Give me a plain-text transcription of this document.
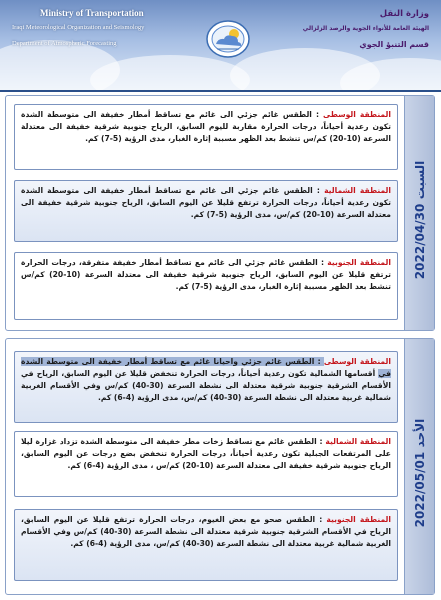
Ministry of Transportation
Iraqi Meteorological Organization and Seismology
Department of Atmospheric Forecasting
وزارة النقل
الهيئة العامة للأنواء الجوية والرصد الزلزالي
قسم التنبؤ الجوي
المنطقة الوسطى : الطقس غائم جزئي الى غائم مع تساقط أمطار خفيفة الى متوسطة الشدة تكون رعدية أحياناً، درجات الحرارة مقاربة لليوم السابق، الرياح جنوبية شرقية خفيفة الى معتدلة السرعة (10-20) كم/س تنشط بعد الظهر مسببة إثارة الغبار، مدى الرؤية (5-7) كم.
المنطقة الشمالية : الطقس غائم جزئي الى غائم مع تساقط أمطار خفيفة الى متوسطة الشدة تكون رعدية أحياناً، درجات الحرارة ترتفع قليلا عن اليوم السابق، الرياح جنوبية شرقية خفيفة الى معتدلة السرعة (10-20) كم/س، مدى الرؤية (5-7) كم.
المنطقة الجنوبية : الطقس غائم جزئي الى غائم مع تساقط أمطار خفيفة متفرقة، درجات الحرارة ترتفع قليلا عن اليوم السابق، الرياح جنوبية شرقية خفيفة الى معتدلة السرعة (10-20) كم/س تنشط بعد الظهر مسببة إثارة الغبار، مدى الرؤية (5-7) كم.
السبت 2022/04/30
المنطقة الوسطى : الطقس غائم جزئي واحيانا غائم مع تساقط أمطار خفيفة الى متوسطة الشدة في أقسامها الشمالية تكون رعدية أحياناً، درجات الحرارة تنخفض قليلا عن اليوم السابق، الرياح في الأقسام الشرقية جنوبية شرقية معتدلة الى نشطة السرعة (30-40) كم/س وفي الأقسام الغربية شمالية غربية معتدلة الى نشطة السرعة (30-40) كم/س، مدى الرؤية (4-6) كم.
المنطقة الشمالية : الطقس غائم مع تساقط زخات مطر خفيفة الى متوسطة الشدة تزداد غزارة ليلا على المرتفعات الجبلية تكون رعدية أحياناً، درجات الحرارة تنخفض بضع درجات عن اليوم السابق، الرياح جنوبية شرقية خفيفة الى معتدلة السرعة (10-20) كم/س ، مدى الرؤية (4-6) كم.
المنطقة الجنوبية : الطقس صحو مع بعض الغيوم، درجات الحرارة ترتفع قليلا عن اليوم السابق، الرياح في الأقسام الشرقية جنوبية شرقية معتدلة الى نشطة السرعة (30-40) كم/س وفي الأقسام الغربية شمالية غربية معتدلة الى نشطة السرعة (30-40) كم/س، مدى الرؤية (4-6) كم.
الأحد 2022/05/01
